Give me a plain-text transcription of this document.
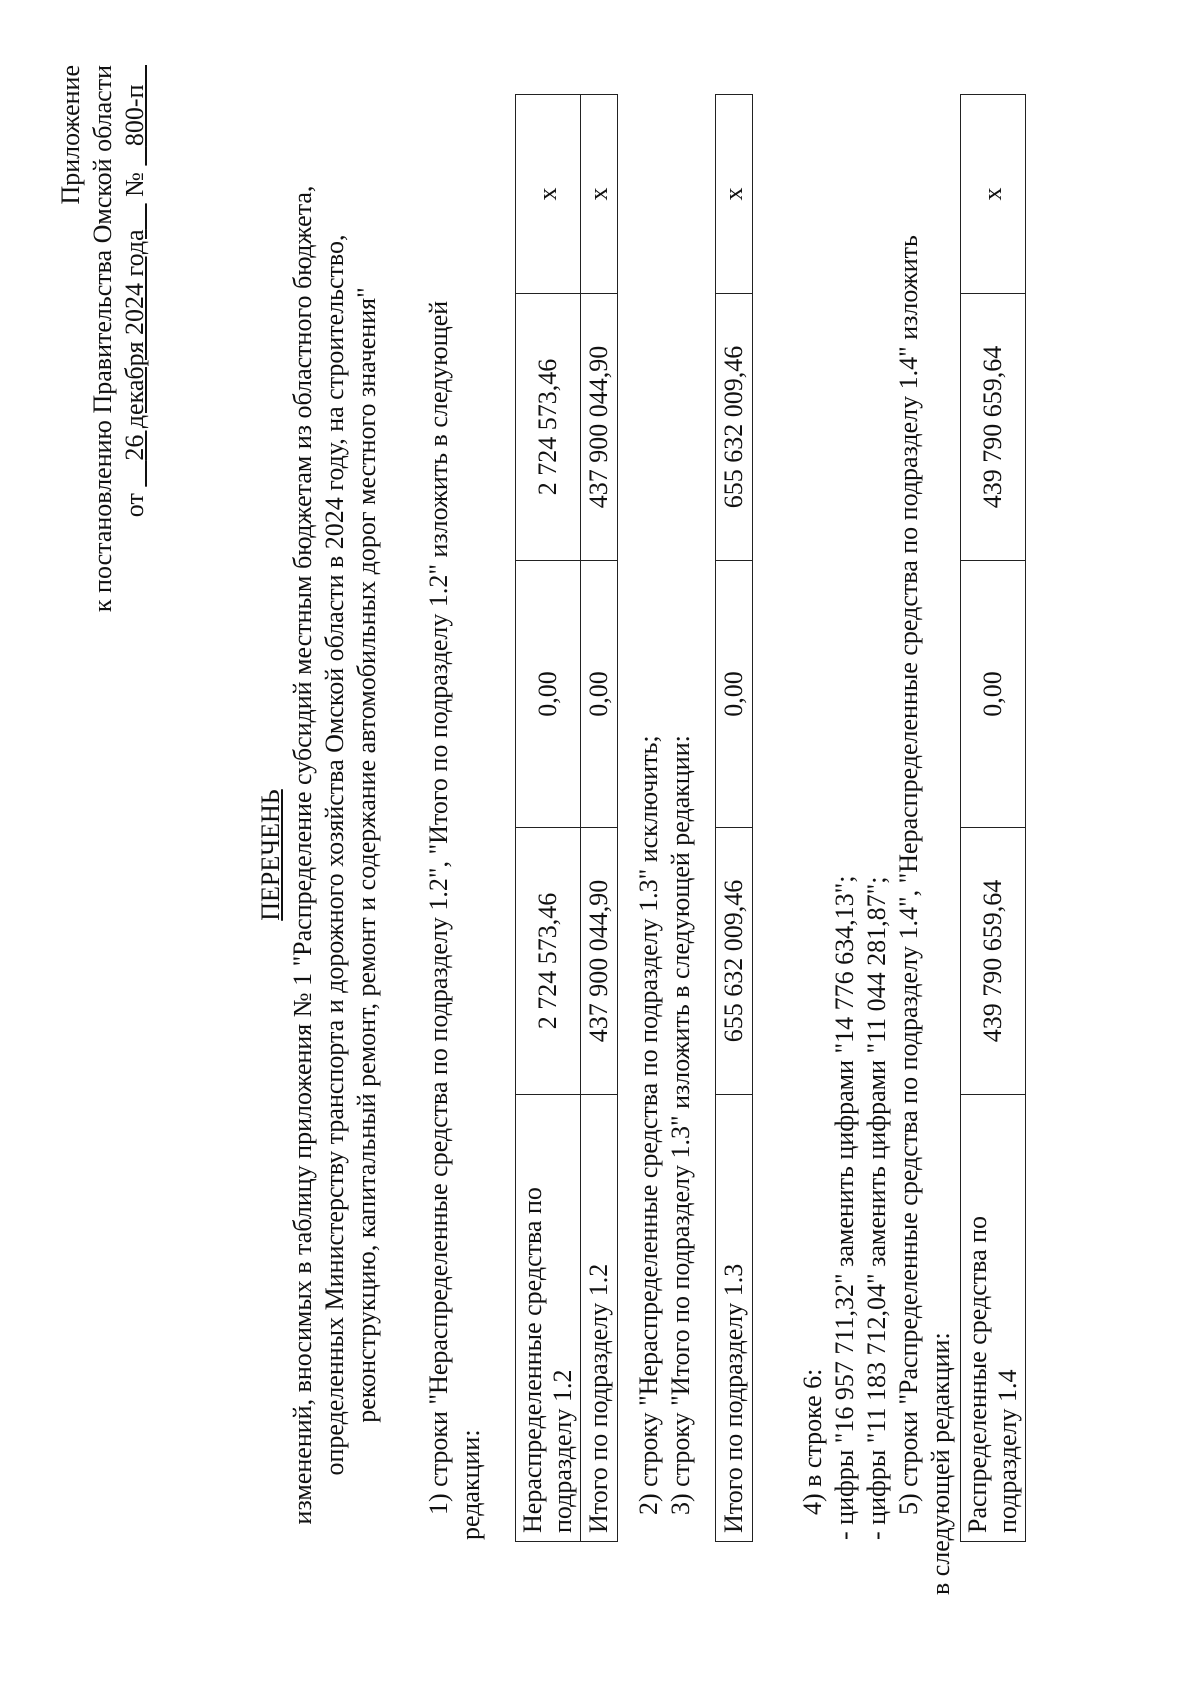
Приложение к постановлению Правительства Омской области от     26 декабря 2024 года     №    800-п
ПЕРЕЧЕНЬ изменений, вносимых в таблицу приложения № 1 "Распределение субсидий местным бюджетам из областного бюджета, определенных Министерству транспорта и дорожного хозяйства Омской области в 2024 году, на строительство, реконструкцию, капитальный ремонт, ремонт и содержание автомобильных дорог местного значения" 1) строки "Нераспределенные средства по подразделу 1.2", "Итого по подразделу 1.2" изложить в следующей редакции: Нераспределенные средства по подразделу 1.2	2 724 573,46	0,00	2 724 573,46	x
Итого по подразделу 1.2	437 900 044,90	0,00	437 900 044,90	x
2) строку "Нераспределенные средства по подразделу 1.3" исключить; 3) строку "Итого по подразделу 1.3" изложить в следующей редакции: Итого по подразделу 1.3	655 632 009,46	0,00	655 632 009,46	x
4) в строке 6: - цифры "16 957 711,32" заменить цифрами "14 776 634,13"; - цифры "11 183 712,04" заменить цифрами "11 044 281,87"; 5) строки "Распределенные средства по подразделу 1.4", "Нераспределенные средства по подразделу 1.4" изложить в следующей редакции: Распределенные средства по подразделу 1.4	439 790 659,64	0,00	439 790 659,64	x
